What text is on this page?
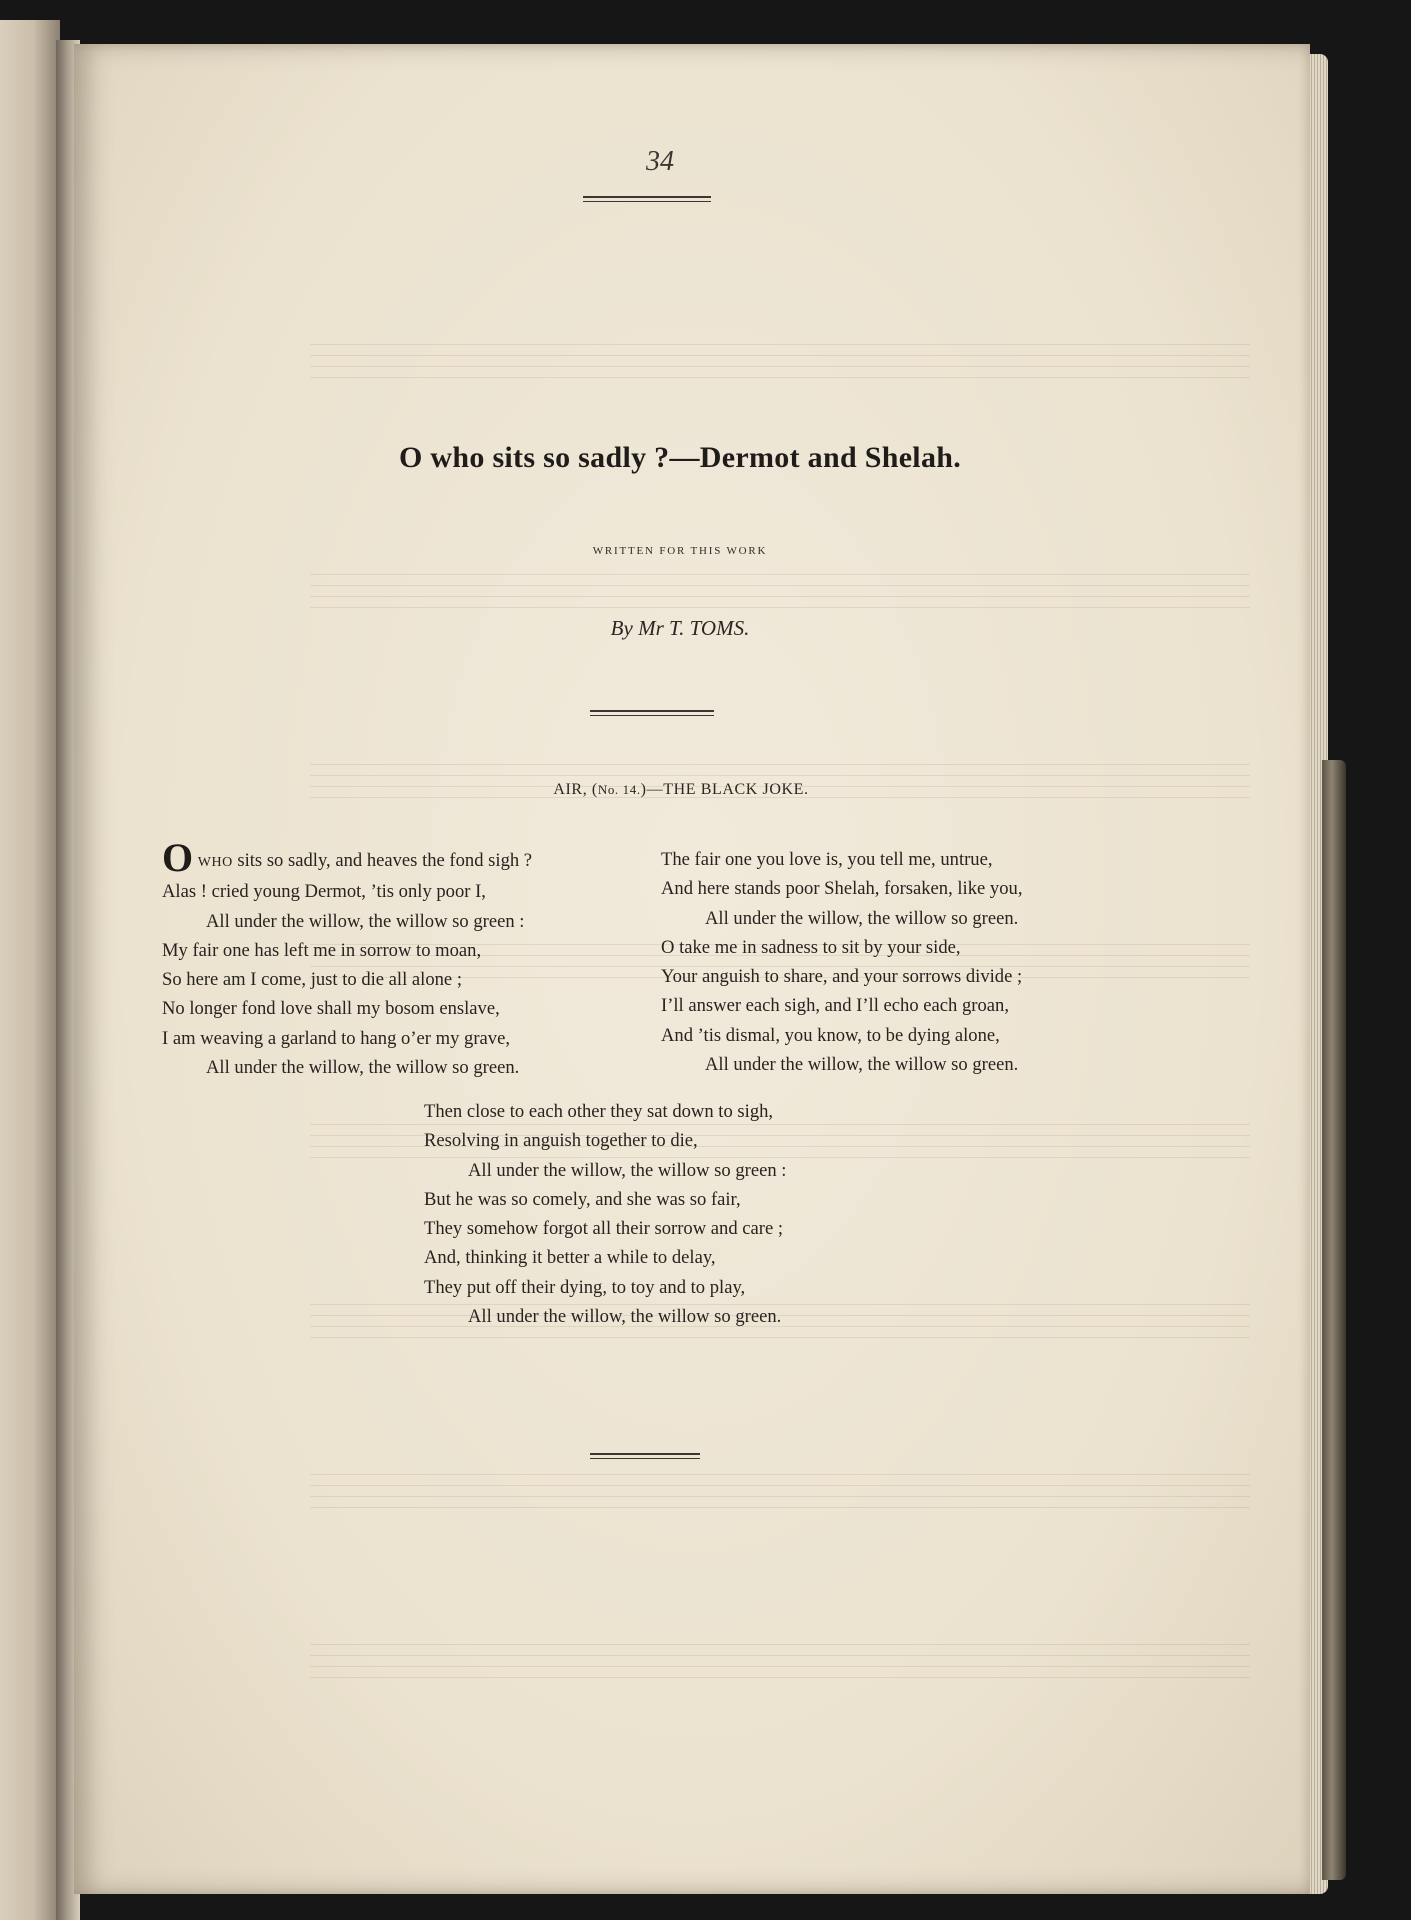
34
O who sits so sadly ?—Dermot and Shelah.
WRITTEN FOR THIS WORK
By Mr T. TOMS.
AIR, (No. 14.)—THE BLACK JOKE.
O WHO sits so sadly, and heaves the fond sigh ?
Alas ! cried young Dermot, ’tis only poor I,
All under the willow, the willow so green :
My fair one has left me in sorrow to moan,
So here am I come, just to die all alone ;
No longer fond love shall my bosom enslave,
I am weaving a garland to hang o’er my grave,
All under the willow, the willow so green.
The fair one you love is, you tell me, untrue,
And here stands poor Shelah, forsaken, like you,
All under the willow, the willow so green.
O take me in sadness to sit by your side,
Your anguish to share, and your sorrows divide ;
I’ll answer each sigh, and I’ll echo each groan,
And ’tis dismal, you know, to be dying alone,
All under the willow, the willow so green.
Then close to each other they sat down to sigh,
Resolving in anguish together to die,
All under the willow, the willow so green :
But he was so comely, and she was so fair,
They somehow forgot all their sorrow and care ;
And, thinking it better a while to delay,
They put off their dying, to toy and to play,
All under the willow, the willow so green.
